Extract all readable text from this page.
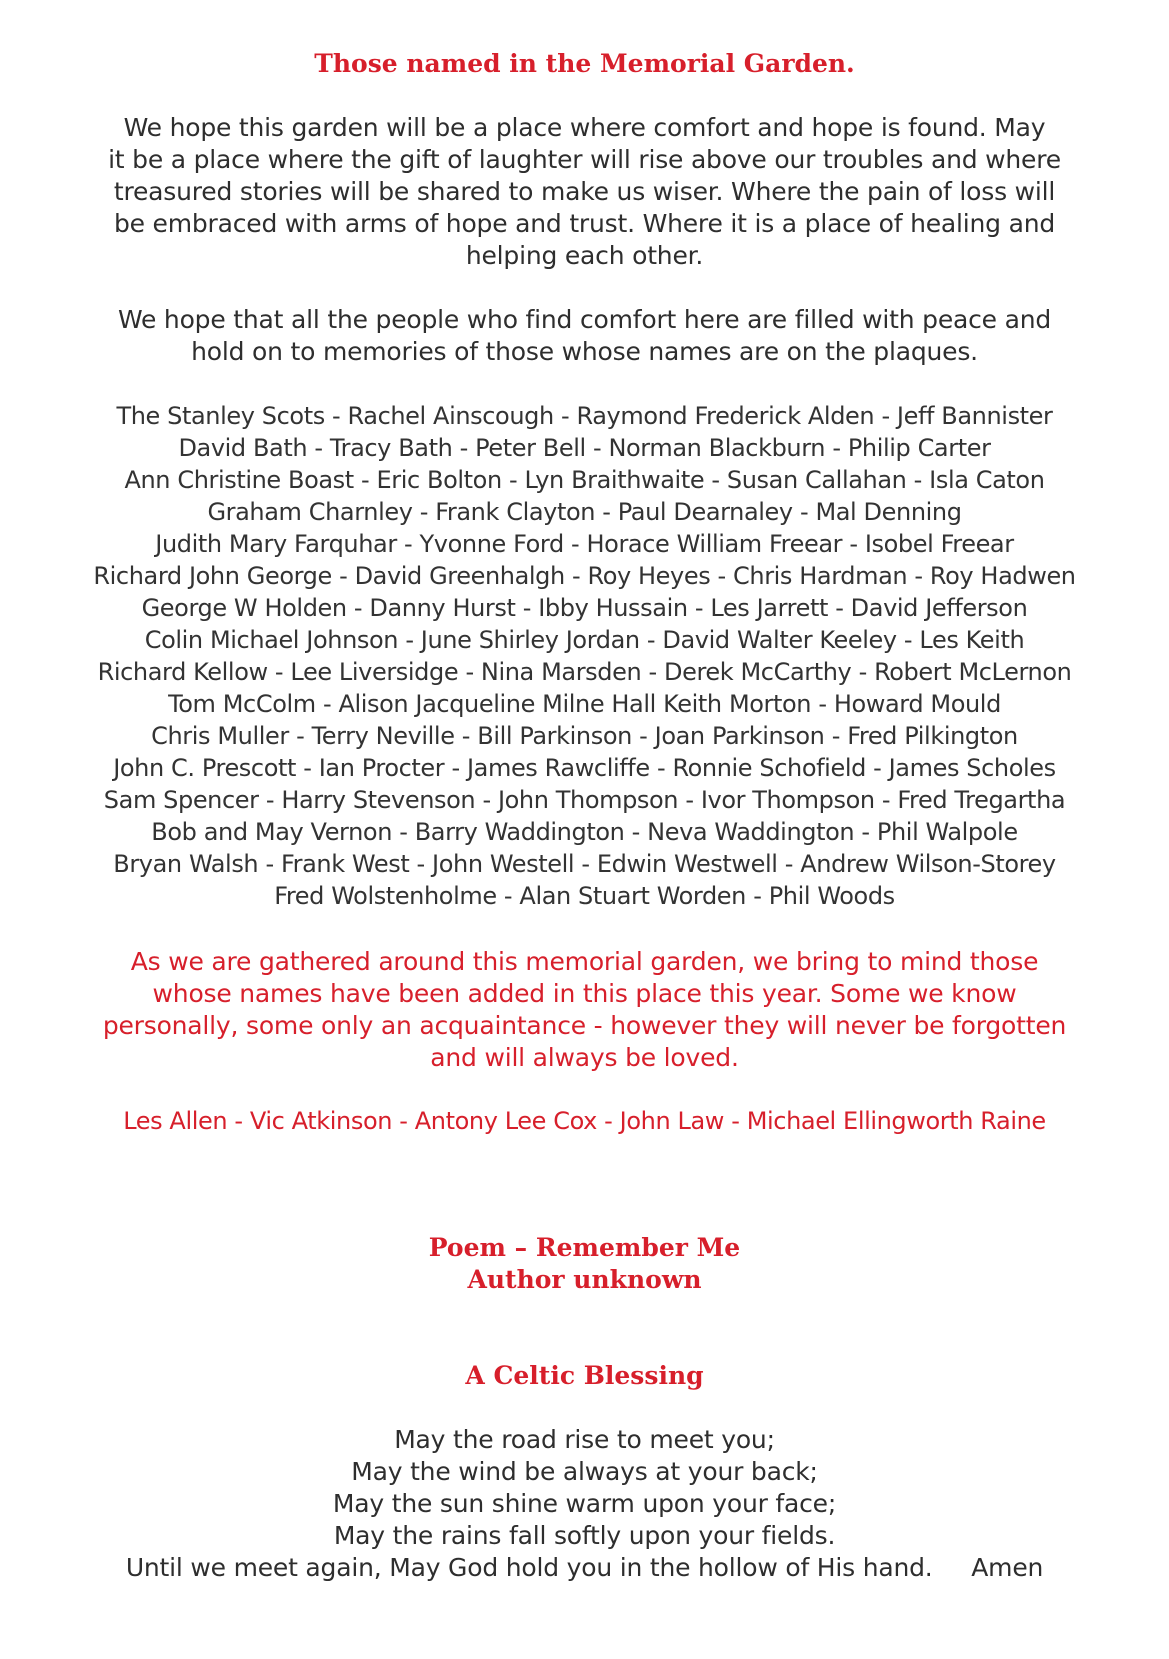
Those named in the Memorial Garden.

We hope this garden will be a place where comfort and hope is found. May
it be a place where the gift of laughter will rise above our troubles and where
treasured stories will be shared to make us wiser. Where the pain of loss will
be embraced with arms of hope and trust. Where it is a place of healing and
helping each other.

We hope that all the people who find comfort here are filled with peace and
hold on to memories of those whose names are on the plaques.

The Stanley Scots - Rachel Ainscough - Raymond Frederick Alden - Jeff Bannister
David Bath - Tracy Bath - Peter Bell - Norman Blackburn - Philip Carter
Ann Christine Boast - Eric Bolton - Lyn Braithwaite - Susan Callahan - Isla Caton
Graham Charnley - Frank Clayton - Paul Dearnaley - Mal Denning
Judith Mary Farquhar - Yvonne Ford - Horace William Freear - Isobel Freear
Richard John George - David Greenhalgh - Roy Heyes - Chris Hardman - Roy Hadwen
George W Holden - Danny Hurst - Ibby Hussain - Les Jarrett - David Jefferson
Colin Michael Johnson - June Shirley Jordan - David Walter Keeley - Les Keith
Richard Kellow - Lee Liversidge - Nina Marsden - Derek McCarthy - Robert McLernon
Tom McColm - Alison Jacqueline Milne Hall Keith Morton - Howard Mould
Chris Muller - Terry Neville - Bill Parkinson - Joan Parkinson - Fred Pilkington
John C. Prescott - Ian Procter - James Rawcliffe - Ronnie Schofield - James Scholes
Sam Spencer - Harry Stevenson - John Thompson - Ivor Thompson - Fred Tregartha
Bob and May Vernon - Barry Waddington - Neva Waddington - Phil Walpole
Bryan Walsh - Frank West - John Westell - Edwin Westwell - Andrew Wilson-Storey
Fred Wolstenholme - Alan Stuart Worden - Phil Woods

As we are gathered around this memorial garden, we bring to mind those
whose names have been added in this place this year. Some we know
personally, some only an acquaintance - however they will never be forgotten
and will always be loved.

Les Allen - Vic Atkinson - Antony Lee Cox - John Law - Michael Ellingworth Raine

Poem – Remember Me
Author unknown
A Celtic Blessing

May the road rise to meet you;
May the wind be always at your back;
May the sun shine warm upon your face;
May the rains fall softly upon your fields.
Until we meet again, May God hold you in the hollow of His hand.     Amen
